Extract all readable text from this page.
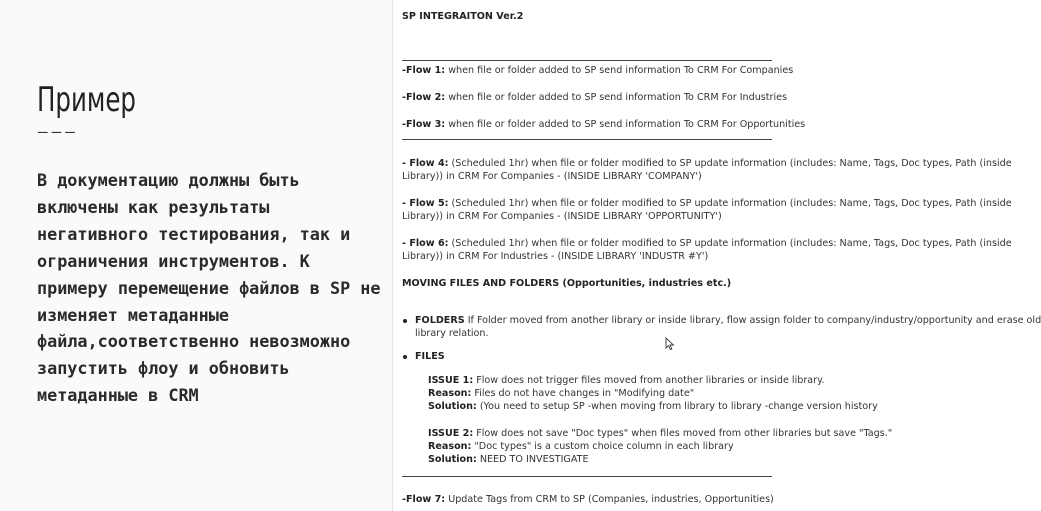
Пример
———

В документацию должны быть включены как результаты негативного тестирования, так и ограничения инструментов. К примеру перемещение файлов в SP не изменяет метаданные файла,соответственно невозможно запустить флоу и обновить метаданные в CRM

SP INTEGRAITON Ver.2
-Flow 1: when file or folder added to SP send information To CRM For Companies
-Flow 2: when file or folder added to SP send information To CRM For Industries
-Flow 3: when file or folder added to SP send information To CRM For Opportunities
- Flow 4: (Scheduled 1hr) when file or folder modified to SP update information (includes: Name, Tags, Doc types, Path (inside
Library)) in CRM For Companies - (INSIDE LIBRARY 'COMPANY')
- Flow 5: (Scheduled 1hr) when file or folder modified to SP update information (includes: Name, Tags, Doc types, Path (inside
Library)) in CRM For Companies - (INSIDE LIBRARY 'OPPORTUNITY')
- Flow 6: (Scheduled 1hr) when file or folder modified to SP update information (includes: Name, Tags, Doc types, Path (inside
Library)) in CRM For Industries - (INSIDE LIBRARY 'INDUSTR #Y')
MOVING FILES AND FOLDERS (Opportunities, industries etc.)
FOLDERS If Folder moved from another library or inside library, flow assign folder to company/industry/opportunity and erase old
library relation.
FILES
ISSUE 1: Flow does not trigger files moved from another libraries or inside library.
Reason: Files do not have changes in "Modifying date"
Solution: (You need to setup SP -when moving from library to library -change version history
ISSUE 2: Flow does not save "Doc types" when files moved from other libraries but save "Tags."
Reason: "Doc types" is a custom choice column in each library
Solution: NEED TO INVESTIGATE
-Flow 7: Update Tags from CRM to SP (Companies, industries, Opportunities)
